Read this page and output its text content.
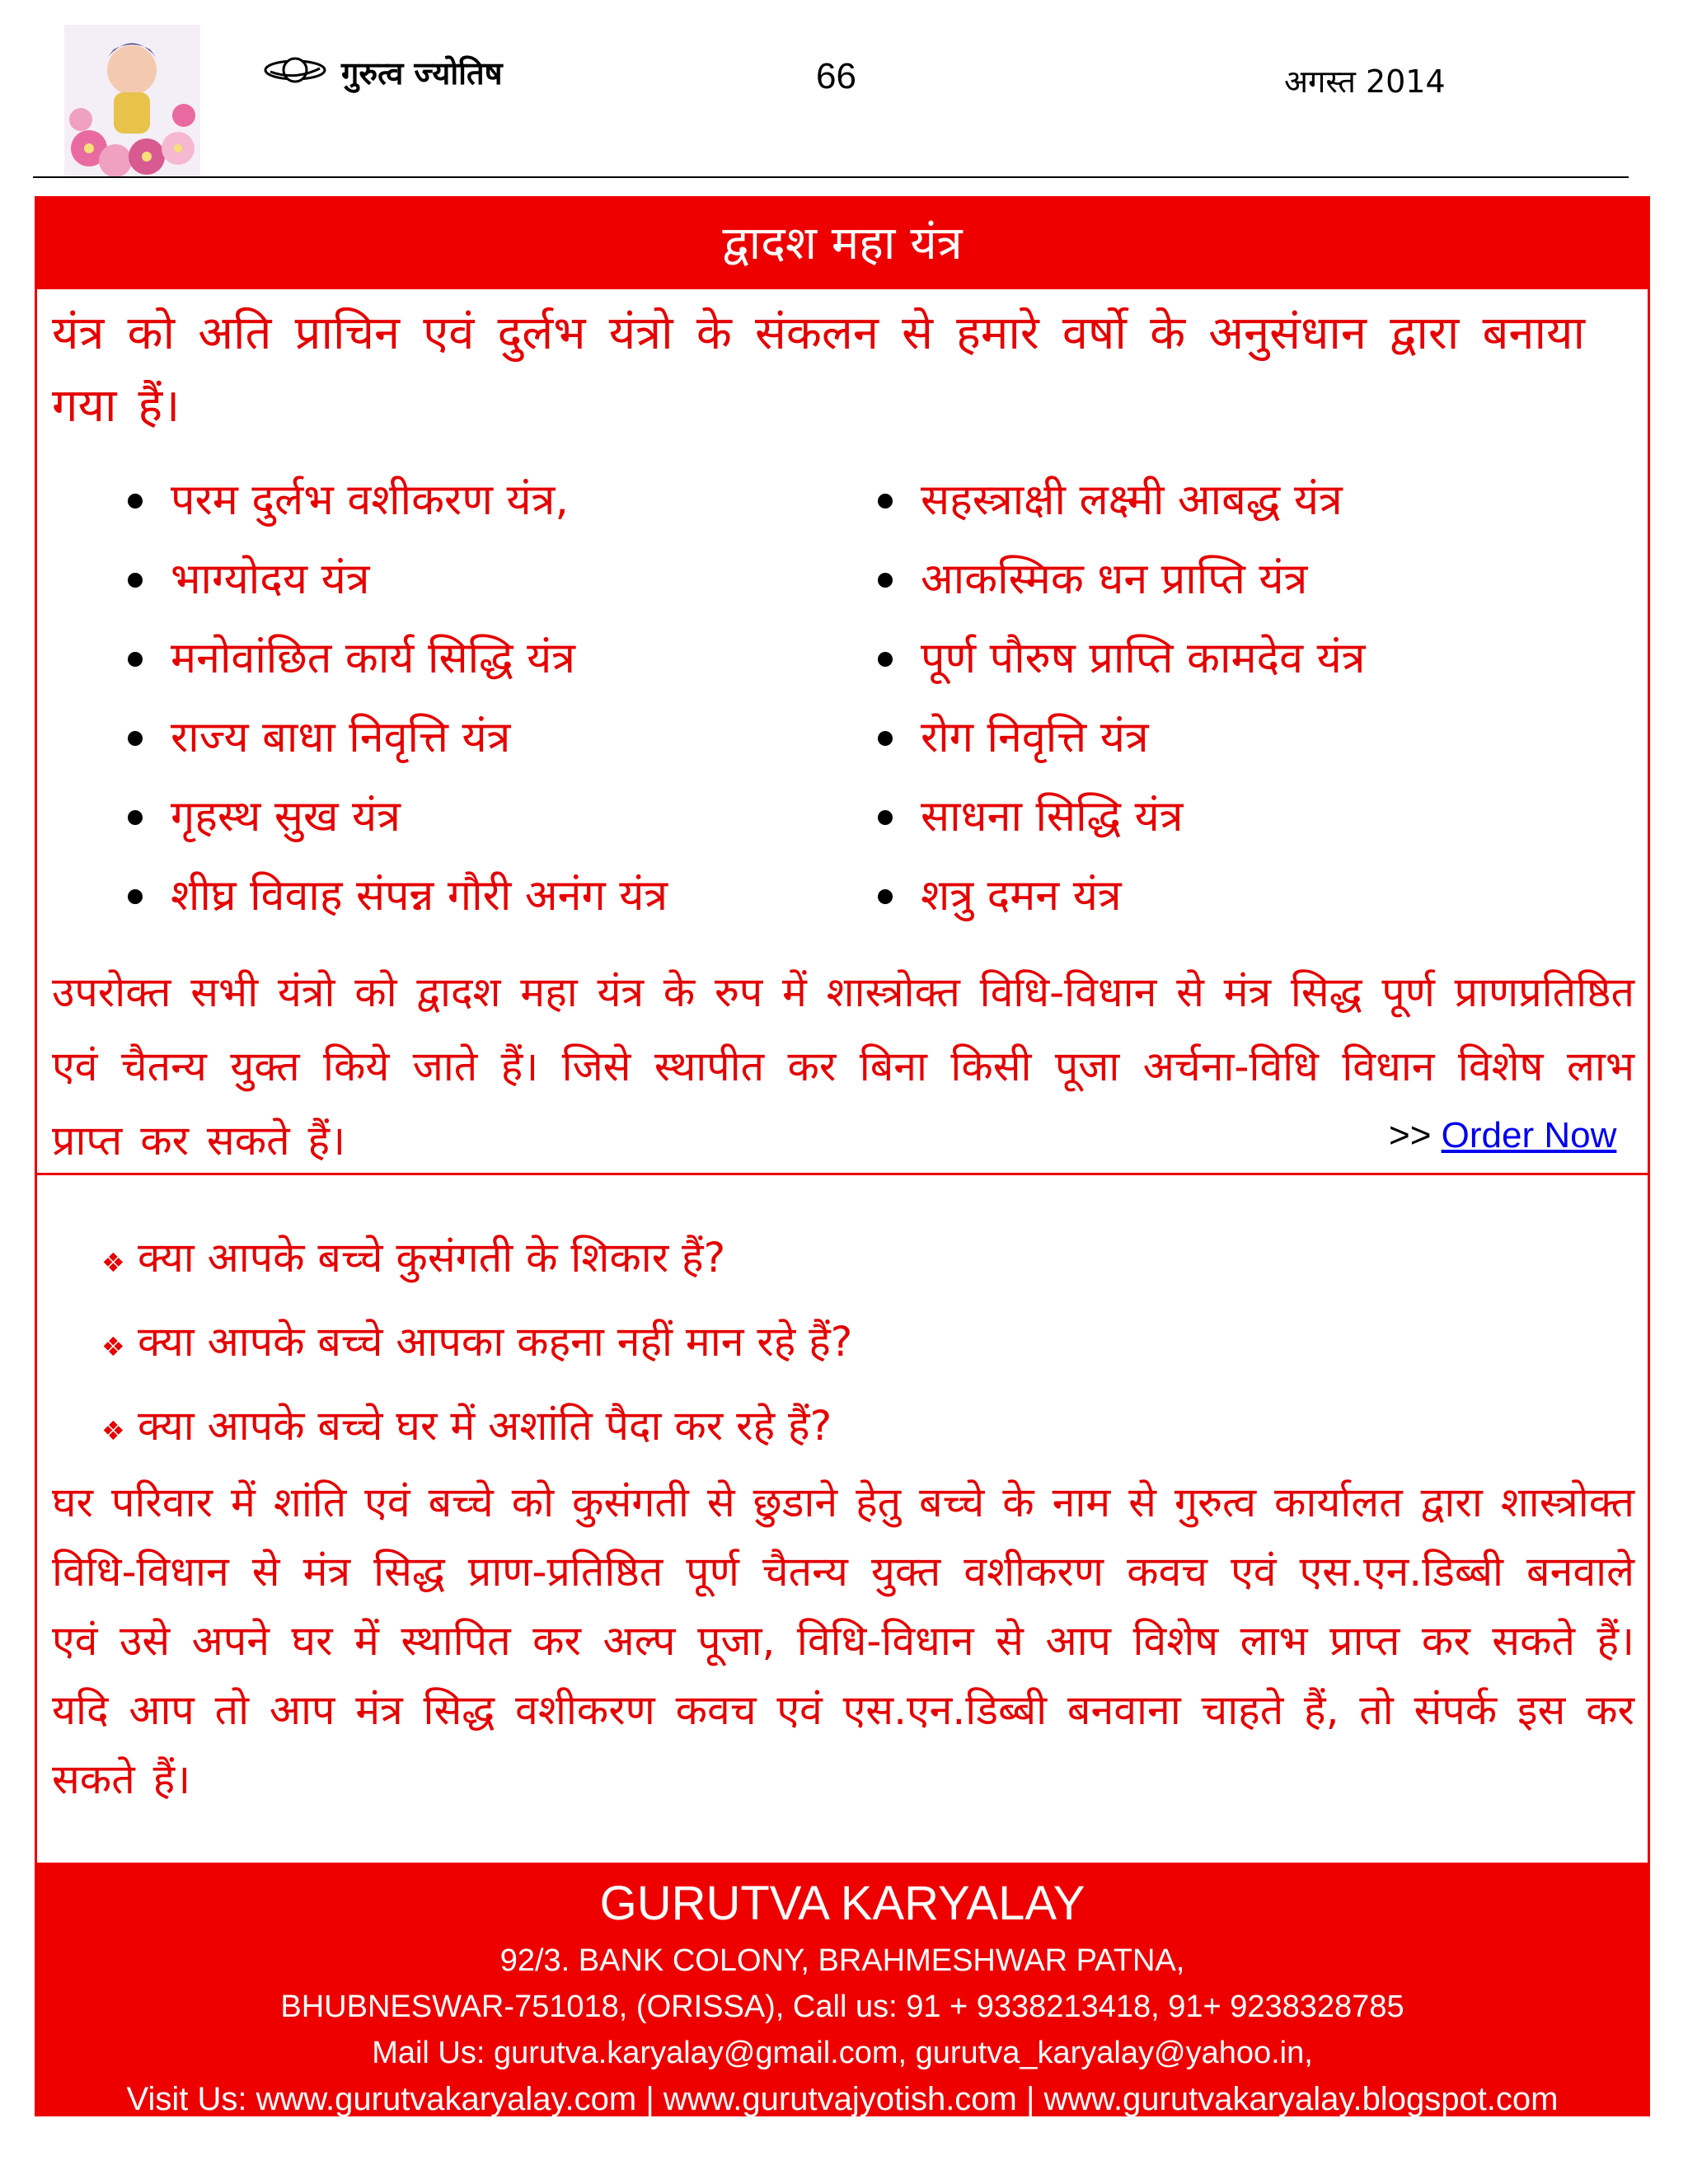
गुरुत्व ज्योतिष	66	अगस्त 2014
द्वादश महा यंत्र
यंत्र को अति प्राचिन एवं दुर्लभ यंत्रो के संकलन से हमारे वर्षो के अनुसंधान द्वारा बनाया गया हैं।
परम दुर्लभ वशीकरण यंत्र,
भाग्योदय यंत्र
मनोवांछित कार्य सिद्धि यंत्र
राज्य बाधा निवृत्ति यंत्र
गृहस्थ सुख यंत्र
शीघ्र विवाह संपन्न गौरी अनंग यंत्र
सहस्त्राक्षी लक्ष्मी आबद्ध यंत्र
आकस्मिक धन प्राप्ति यंत्र
पूर्ण पौरुष प्राप्ति कामदेव यंत्र
रोग निवृत्ति यंत्र
साधना सिद्धि यंत्र
शत्रु दमन यंत्र
उपरोक्त सभी यंत्रो को द्वादश महा यंत्र के रुप में शास्त्रोक्त विधि-विधान से मंत्र सिद्ध पूर्ण प्राणप्रतिष्ठित एवं चैतन्य युक्त किये जाते हैं। जिसे स्थापीत कर बिना किसी पूजा अर्चना-विधि विधान विशेष लाभ प्राप्त कर सकते हैं।	>> Order Now
❖ क्या आपके बच्चे कुसंगती के शिकार हैं?
❖ क्या आपके बच्चे आपका कहना नहीं मान रहे हैं?
❖ क्या आपके बच्चे घर में अशांति पैदा कर रहे हैं?
घर परिवार में शांति एवं बच्चे को कुसंगती से छुडाने हेतु बच्चे के नाम से गुरुत्व कार्यालत द्वारा शास्त्रोक्त विधि-विधान से मंत्र सिद्ध प्राण-प्रतिष्ठित पूर्ण चैतन्य युक्त वशीकरण कवच एवं एस.एन.डिब्बी बनवाले एवं उसे अपने घर में स्थापित कर अल्प पूजा, विधि-विधान से आप विशेष लाभ प्राप्त कर सकते हैं। यदि आप तो आप मंत्र सिद्ध वशीकरण कवच एवं एस.एन.डिब्बी बनवाना चाहते हैं, तो संपर्क इस कर सकते हैं।
GURUTVA KARYALAY
92/3. BANK COLONY, BRAHMESHWAR PATNA,
BHUBNESWAR-751018, (ORISSA), Call us: 91 + 9338213418, 91+ 9238328785
Mail Us: gurutva.karyalay@gmail.com, gurutva_karyalay@yahoo.in,
Visit Us: www.gurutvakaryalay.com | www.gurutvajyotish.com | www.gurutvakaryalay.blogspot.com
